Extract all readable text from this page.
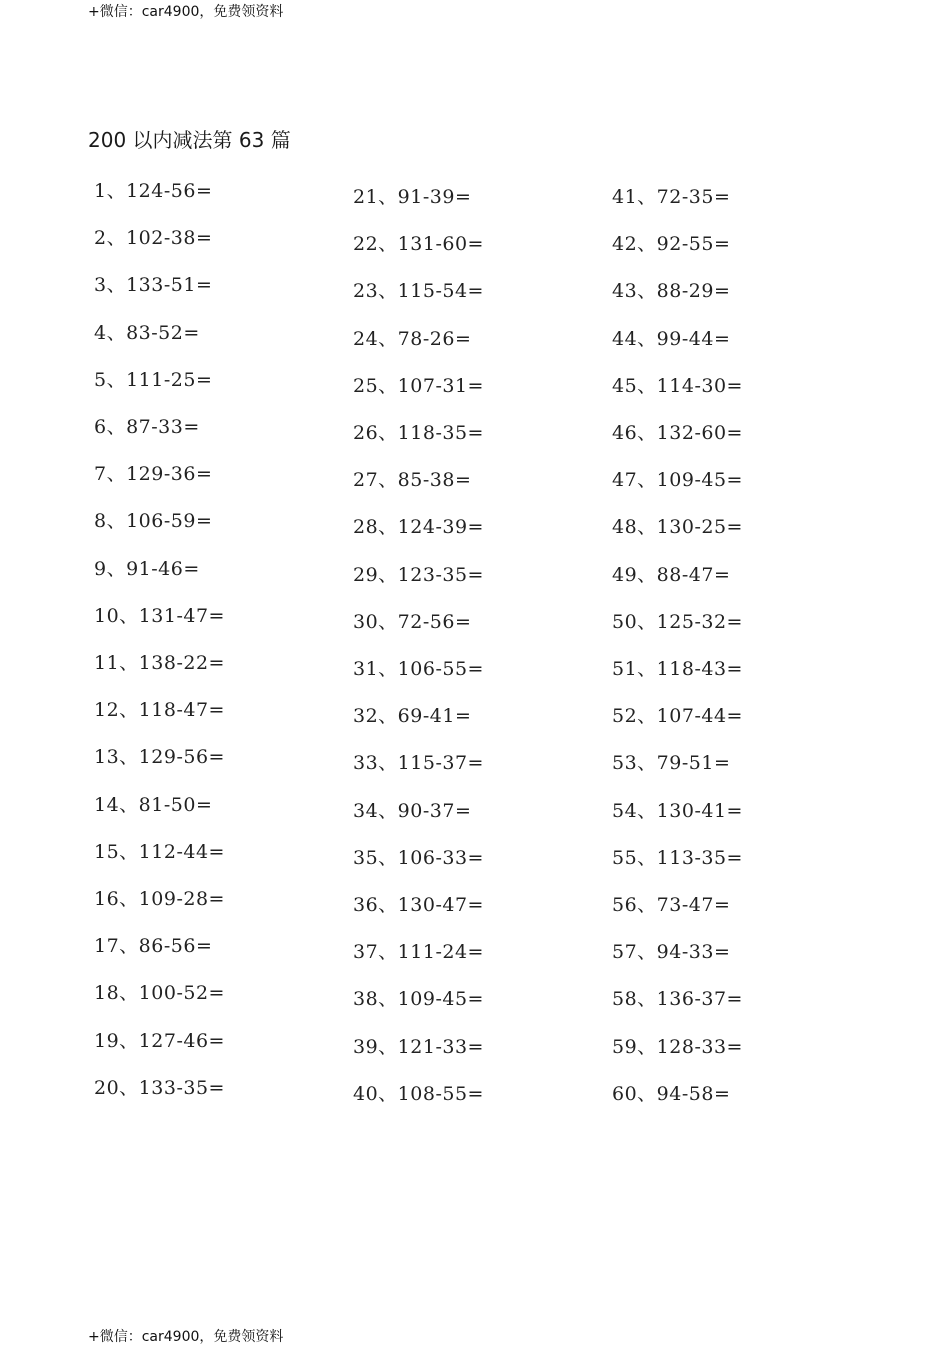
+微信：car4900，免费领资料
200 以内减法第 63 篇
1、124-56=
2、102-38=
3、133-51=
4、83-52=
5、111-25=
6、87-33=
7、129-36=
8、106-59=
9、91-46=
10、131-47=
11、138-22=
12、118-47=
13、129-56=
14、81-50=
15、112-44=
16、109-28=
17、86-56=
18、100-52=
19、127-46=
20、133-35=
21、91-39=
22、131-60=
23、115-54=
24、78-26=
25、107-31=
26、118-35=
27、85-38=
28、124-39=
29、123-35=
30、72-56=
31、106-55=
32、69-41=
33、115-37=
34、90-37=
35、106-33=
36、130-47=
37、111-24=
38、109-45=
39、121-33=
40、108-55=
41、72-35=
42、92-55=
43、88-29=
44、99-44=
45、114-30=
46、132-60=
47、109-45=
48、130-25=
49、88-47=
50、125-32=
51、118-43=
52、107-44=
53、79-51=
54、130-41=
55、113-35=
56、73-47=
57、94-33=
58、136-37=
59、128-33=
60、94-58=
+微信：car4900，免费领资料
